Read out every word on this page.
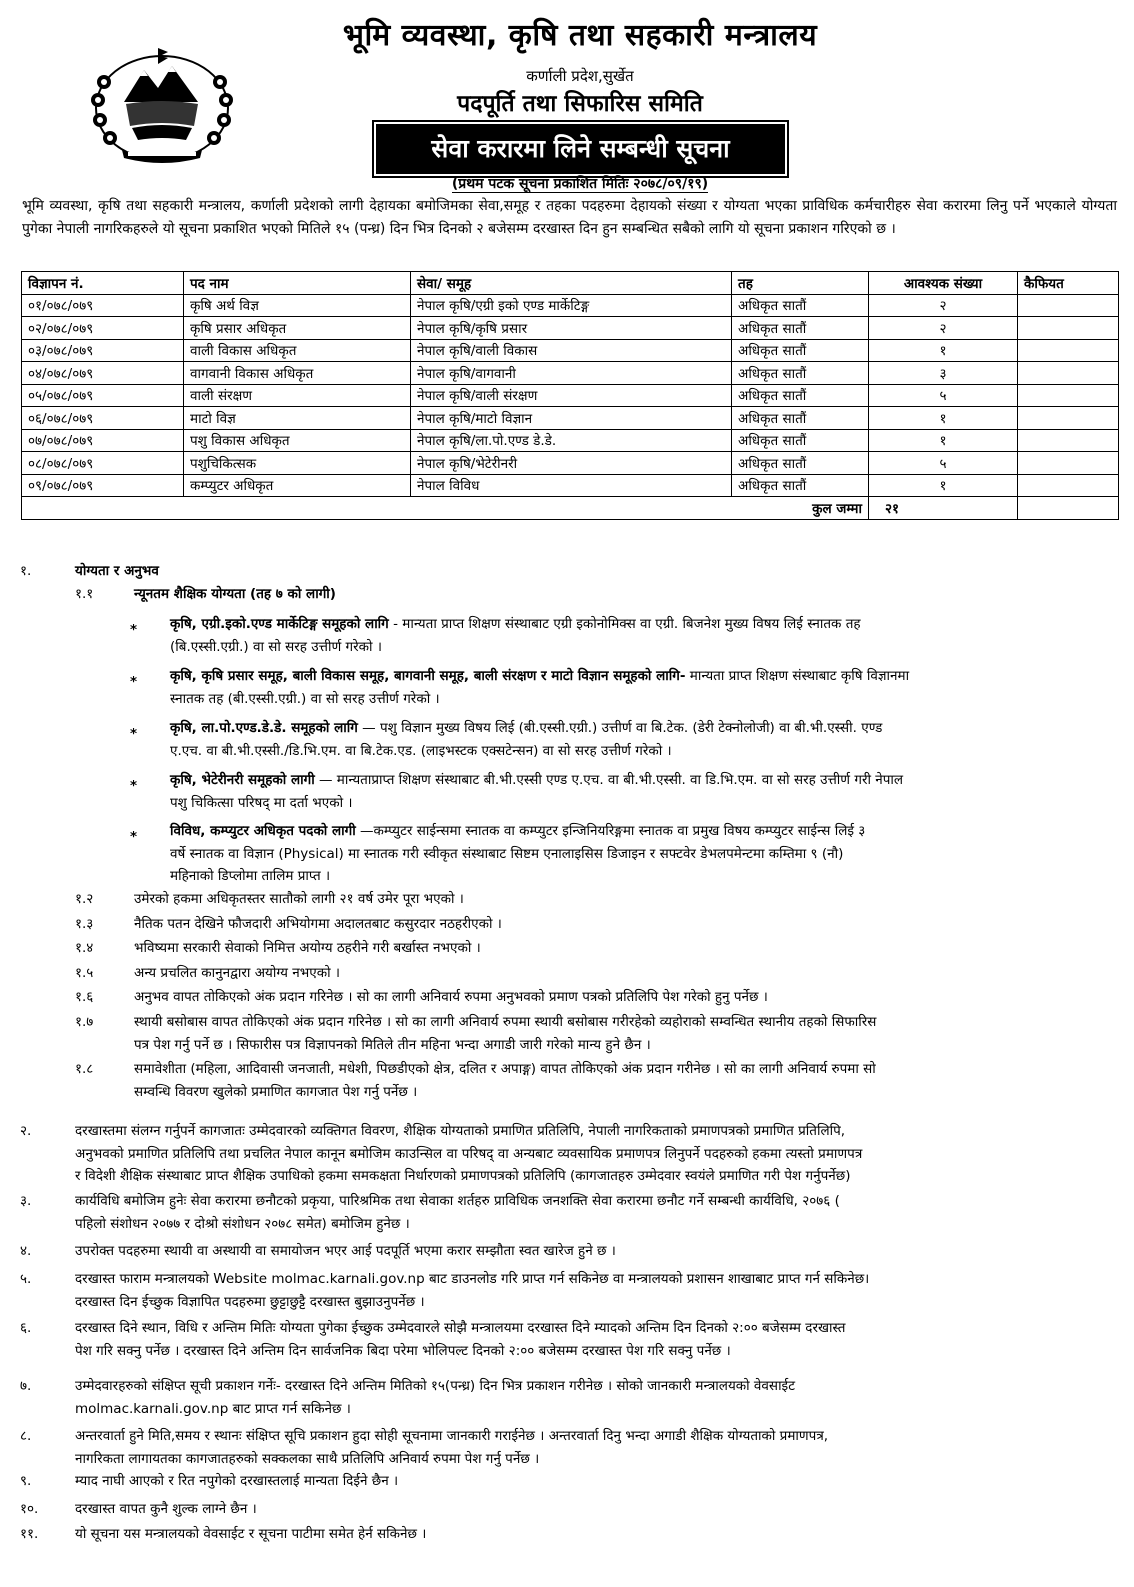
भूमि व्यवस्था, कृषि तथा सहकारी मन्त्रालय
कर्णाली प्रदेश,सुर्खेत
पदपूर्ति तथा सिफारिस समिति
सेवा करारमा लिने सम्बन्धी सूचना
(प्रथम पटक सूचना प्रकाशित मितिः २०७८/०९/१९)
भूमि व्यवस्था, कृषि तथा सहकारी मन्त्रालय, कर्णाली प्रदेशको लागी देहायका बमोजिमका सेवा,समूह र तहका पदहरुमा देहायको संख्या र योग्यता भएका प्राविधिक कर्मचारीहरु सेवा करारमा लिनु पर्ने भएकाले योग्यता पुगेका नेपाली नागरिकहरुले यो सूचना प्रकाशित भएको मितिले १५ (पन्ध्र) दिन भित्र दिनको २ बजेसम्म दरखास्त दिन हुन सम्बन्धित सबैको लागि यो सूचना प्रकाशन गरिएको छ ।
विज्ञापन नं.	पद नाम	सेवा/ समूह	तह	आवश्यक संख्या	कैफियत
०१/०७८/०७९	कृषि अर्थ विज्ञ	नेपाल कृषि/एग्री इको एण्ड मार्केटिङ्ग	अधिकृत सातौं	२	
०२/०७८/०७९	कृषि प्रसार अधिकृत	नेपाल कृषि/कृषि प्रसार	अधिकृत सातौं	२	
०३/०७८/०७९	वाली विकास अधिकृत	नेपाल कृषि/वाली विकास	अधिकृत सातौं	१	
०४/०७८/०७९	वागवानी विकास अधिकृत	नेपाल कृषि/वागवानी	अधिकृत सातौं	३	
०५/०७८/०७९	वाली संरक्षण	नेपाल कृषि/वाली संरक्षण	अधिकृत सातौं	५	
०६/०७८/०७९	माटो विज्ञ	नेपाल कृषि/माटो विज्ञान	अधिकृत सातौं	१	
०७/०७८/०७९	पशु विकास अधिकृत	नेपाल कृषि/ला.पो.एण्ड डे.डे.	अधिकृत सातौं	१	
०८/०७८/०७९	पशुचिकित्सक	नेपाल कृषि/भेटेरीनरी	अधिकृत सातौं	५	
०९/०७८/०७९	कम्प्युटर अधिकृत	नेपाल विविध	अधिकृत सातौं	१	
कुल जम्मा				२१	
१.	योग्यता र अनुभव
१.१	न्यूनतम शैक्षिक योग्यता (तह ७ को लागी)
* कृषि, एग्री.इको.एण्ड मार्केटिङ्ग समूहको लागि - मान्यता प्राप्त शिक्षण संस्थाबाट एग्री इकोनोमिक्स वा एग्री. बिजनेश मुख्य विषय लिई स्नातक तह
(बि.एस्सी.एग्री.) वा सो सरह उत्तीर्ण गरेको ।
* कृषि, कृषि प्रसार समूह, बाली विकास समूह, बागवानी समूह, बाली संरक्षण र माटो विज्ञान समूहको लागि- मान्यता प्राप्त शिक्षण संस्थाबाट कृषि विज्ञानमा
स्नातक तह (बी.एस्सी.एग्री.) वा सो सरह उत्तीर्ण गरेको ।
* कृषि, ला.पो.एण्ड.डे.डे. समूहको लागि — पशु विज्ञान मुख्य विषय लिई (बी.एस्सी.एग्री.) उत्तीर्ण वा बि.टेक. (डेरी टेक्नोलोजी) वा बी.भी.एस्सी. एण्ड
ए.एच. वा बी.भी.एस्सी./डि.भि.एम. वा बि.टेक.एड. (लाइभस्टक एक्सटेन्सन) वा सो सरह उत्तीर्ण गरेको ।
* कृषि, भेटेरीनरी समूहको लागी — मान्यताप्राप्त शिक्षण संस्थाबाट बी.भी.एस्सी एण्ड ए.एच. वा बी.भी.एस्सी. वा डि.भि.एम. वा सो सरह उत्तीर्ण गरी नेपाल
पशु चिकित्सा परिषद् मा दर्ता भएको ।
* विविध, कम्प्युटर अधिकृत पदको लागी —कम्प्युटर साईन्समा स्नातक वा कम्प्युटर इन्जिनियरिङ्गमा स्नातक वा प्रमुख विषय कम्प्युटर साईन्स लिई ३
वर्षे स्नातक वा विज्ञान (Physical) मा स्नातक गरी स्वीकृत संस्थाबाट सिष्टम एनालाइसिस डिजाइन र सफ्टवेर डेभलपमेन्टमा कम्तिमा ९ (नौ)
महिनाको डिप्लोमा तालिम प्राप्त ।
१.२	उमेरको हकमा अधिकृतस्तर सातौको लागी २१ वर्ष उमेर पूरा भएको ।
१.३	नैतिक पतन देखिने फौजदारी अभियोगमा अदालतबाट कसुरदार नठहरीएको ।
१.४	भविष्यमा सरकारी सेवाको निमित्त अयोग्य ठहरीने गरी बर्खास्त नभएको ।
१.५	अन्य प्रचलित कानुनद्वारा अयोग्य नभएको ।
१.६	अनुभव वापत तोकिएको अंक प्रदान गरिनेछ । सो का लागी अनिवार्य रुपमा अनुभवको प्रमाण पत्रको प्रतिलिपि पेश गरेको हुनु पर्नेछ ।
१.७	स्थायी बसोबास वापत तोकिएको अंक प्रदान गरिनेछ । सो का लागी अनिवार्य रुपमा स्थायी बसोबास गरीरहेको व्यहोराको सम्वन्धित स्थानीय तहको सिफारिस
पत्र पेश गर्नु पर्ने छ । सिफारीस पत्र विज्ञापनको मितिले तीन महिना भन्दा अगाडी जारी गरेको मान्य हुने छैन ।
१.८	समावेशीता (महिला, आदिवासी जनजाती, मधेशी, पिछडीएको क्षेत्र, दलित र अपाङ्ग) वापत तोकिएको अंक प्रदान गरीनेछ । सो का लागी अनिवार्य रुपमा सो
सम्वन्धि विवरण खुलेको प्रमाणित कागजात पेश गर्नु पर्नेछ ।
२.	दरखास्तमा संलग्न गर्नुपर्ने कागजातः उम्मेदवारको व्यक्तिगत विवरण, शैक्षिक योग्यताको प्रमाणित प्रतिलिपि, नेपाली नागरिकताको प्रमाणपत्रको प्रमाणित प्रतिलिपि,
अनुभवको प्रमाणित प्रतिलिपि तथा प्रचलित नेपाल कानून बमोजिम काउन्सिल वा परिषद् वा अन्यबाट व्यवसायिक प्रमाणपत्र लिनुपर्ने पदहरुको हकमा त्यस्तो प्रमाणपत्र
र विदेशी शैक्षिक संस्थाबाट प्राप्त शैक्षिक उपाधिको हकमा समकक्षता निर्धारणको प्रमाणपत्रको प्रतिलिपि (कागजातहरु उम्मेदवार स्वयंले प्रमाणित गरी पेश गर्नुपर्नेछ)
३.	कार्यविधि बमोजिम हुनेः सेवा करारमा छनौटको प्रकृया, पारिश्रमिक तथा सेवाका शर्तहरु प्राविधिक जनशक्ति सेवा करारमा छनौट गर्ने सम्बन्धी कार्यविधि, २०७६ (
पहिलो संशोधन २०७७ र दोश्रो संशोधन २०७८ समेत) बमोजिम हुनेछ ।
४.	उपरोक्त पदहरुमा स्थायी वा अस्थायी वा समायोजन भएर आई पदपूर्ति भएमा करार सम्झौता स्वत खारेज हुने छ ।
५.	दरखास्त फाराम मन्त्रालयको Website molmac.karnali.gov.np बाट डाउनलोड गरि प्राप्त गर्न सकिनेछ वा मन्त्रालयको प्रशासन शाखाबाट प्राप्त गर्न सकिनेछ।
दरखास्त दिन ईच्छुक विज्ञापित पदहरुमा छुट्टाछुट्टै दरखास्त बुझाउनुपर्नेछ ।
६.	दरखास्त दिने स्थान, विधि र अन्तिम मितिः योग्यता पुगेका ईच्छुक उम्मेदवारले सोझै मन्त्रालयमा दरखास्त दिने म्यादको अन्तिम दिन दिनको २:०० बजेसम्म दरखास्त
पेश गरि सक्नु पर्नेछ । दरखास्त दिने अन्तिम दिन सार्वजनिक बिदा परेमा भोलिपल्ट दिनको २:०० बजेसम्म दरखास्त पेश गरि सक्नु पर्नेछ ।
७.	उम्मेदवारहरुको संक्षिप्त सूची प्रकाशन गर्नेः- दरखास्त दिने अन्तिम मितिको १५(पन्ध्र) दिन भित्र प्रकाशन गरीनेछ । सोको जानकारी मन्त्रालयको वेवसाईट
molmac.karnali.gov.np बाट प्राप्त गर्न सकिनेछ ।
८.	अन्तरवार्ता हुने मिति,समय र स्थानः संक्षिप्त सूचि प्रकाशन हुदा सोही सूचनामा जानकारी गराईनेछ । अन्तरवार्ता दिनु भन्दा अगाडी शैक्षिक योग्यताको प्रमाणपत्र,
नागरिकता लागायतका कागजातहरुको सक्कलका साथै प्रतिलिपि अनिवार्य रुपमा पेश गर्नु पर्नेछ ।
९.	म्याद नाघी आएको र रित नपुगेको दरखास्तलाई मान्यता दिईने छैन ।
१०.	दरखास्त वापत कुनै शुल्क लाग्ने छैन ।
११.	यो सूचना यस मन्त्रालयको वेवसाईट र सूचना पाटीमा समेत हेर्न सकिनेछ ।
